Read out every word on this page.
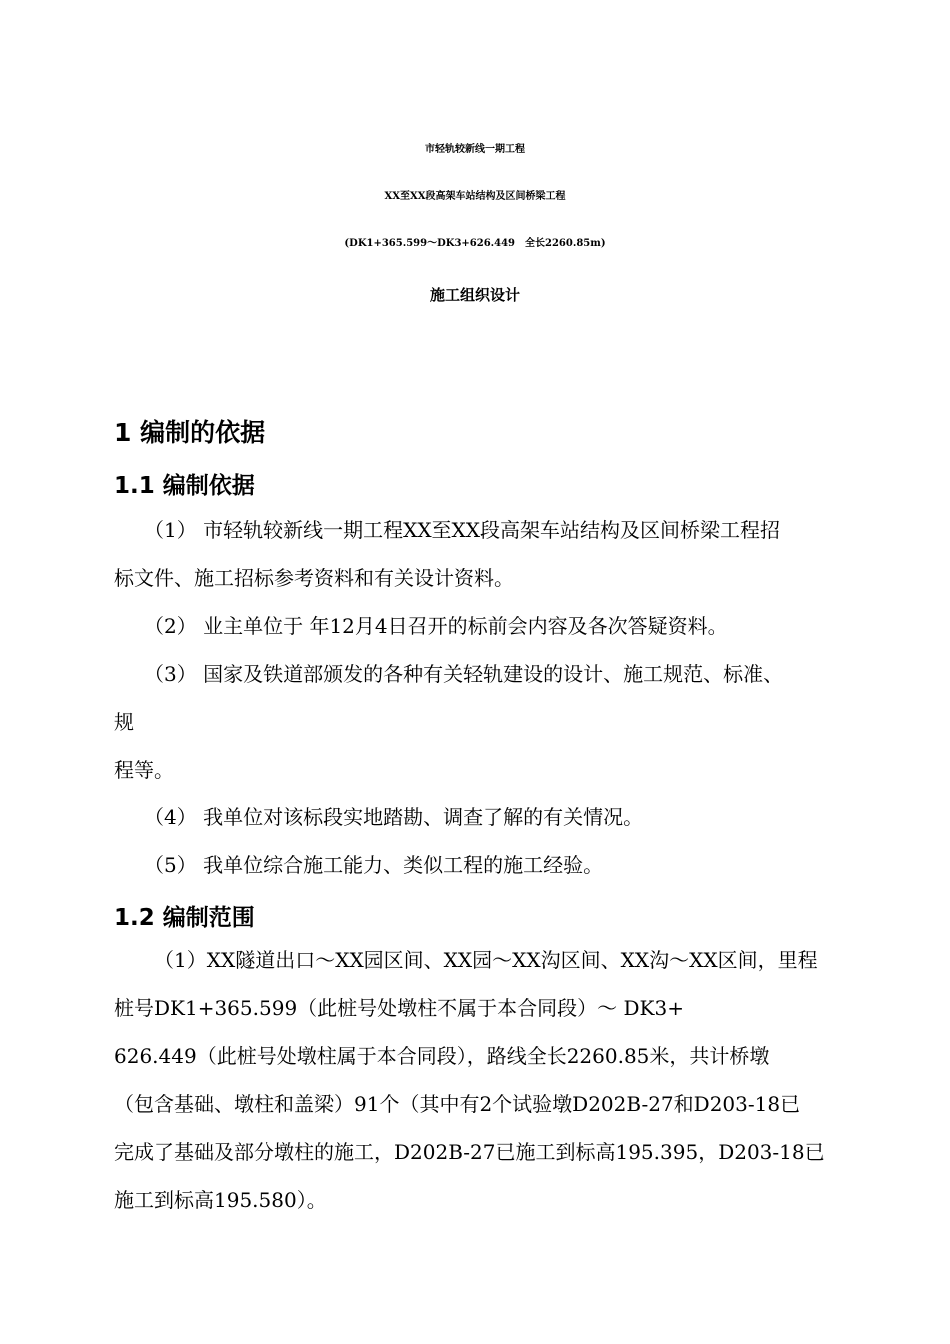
市轻轨较新线一期工程
XX至XX段高架车站结构及区间桥梁工程
(DK1+365.599～DK3+626.449　全长2260.85m)
施工组织设计
1 编制的依据
1.1 编制依据
（1） 市轻轨较新线一期工程XX至XX段高架车站结构及区间桥梁工程招
标文件、施工招标参考资料和有关设计资料。
（2） 业主单位于 年12月4日召开的标前会内容及各次答疑资料。
（3） 国家及铁道部颁发的各种有关轻轨建设的设计、施工规范、标准、
规
程等。
（4） 我单位对该标段实地踏勘、调查了解的有关情况。
（5） 我单位综合施工能力、类似工程的施工经验。
1.2 编制范围
（1）XX隧道出口～XX园区间、XX园～XX沟区间、XX沟～XX区间，里程
桩号DK1+365.599（此桩号处墩柱不属于本合同段）～ DK3+
626.449（此桩号处墩柱属于本合同段），路线全长2260.85米，共计桥墩
（包含基础、墩柱和盖梁）91个（其中有2个试验墩D202B-27和D203-18已
完成了基础及部分墩柱的施工，D202B-27已施工到标高195.395，D203-18已
施工到标高195.580）。
